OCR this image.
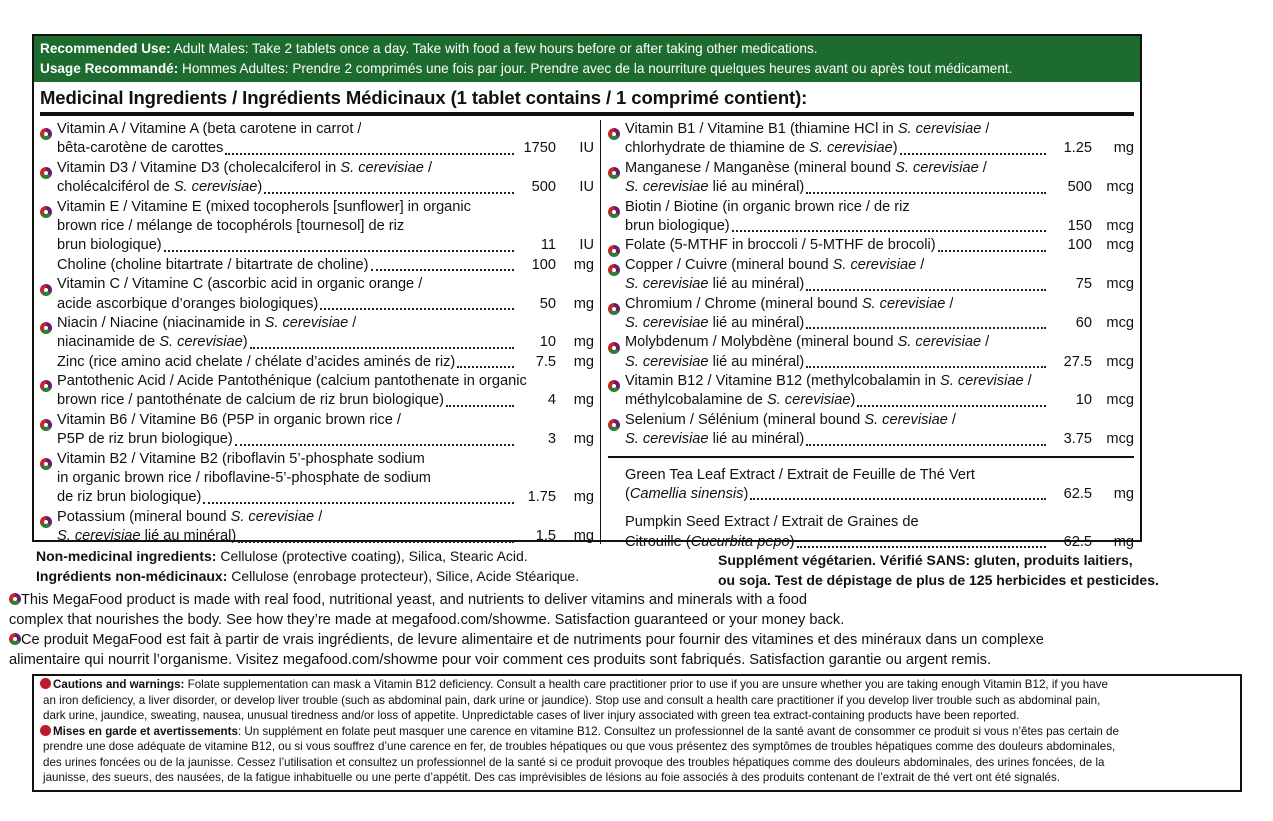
Recommended Use: Adult Males: Take 2 tablets once a day. Take with food a few hours before or after taking other medications.
Usage Recommandé: Hommes Adultes: Prendre 2 comprimés une fois par jour. Prendre avec de la nourriture quelques heures avant ou après tout médicament.
Medicinal Ingredients / Ingrédients Médicinaux (1 tablet contains / 1 comprimé contient):
Vitamin A / Vitamine A (beta carotene in carrot /
bêta-carotène de carottes	1750	IU
Vitamin D3 / Vitamine D3 (cholecalciferol in S. cerevisiae /
cholécalciférol de S. cerevisiae)	500	IU
Vitamin E / Vitamine E (mixed tocopherols [sunflower] in organic
brown rice / mélange de tocophérols [tournesol] de riz
brun biologique)	11	IU
Choline (choline bitartrate / bitartrate de choline)	100	mg
Vitamin C / Vitamine C (ascorbic acid in organic orange /
acide ascorbique d’oranges biologiques)	50	mg
Niacin / Niacine (niacinamide in S. cerevisiae /
niacinamide de S. cerevisiae)	10	mg
Zinc (rice amino acid chelate / chélate d’acides aminés de riz)	7.5	mg
Pantothenic Acid / Acide Pantothénique (calcium pantothenate in organic
brown rice / pantothénate de calcium de riz brun biologique)	4	mg
Vitamin B6 / Vitamine B6 (P5P in organic brown rice /
P5P de riz brun biologique)	3	mg
Vitamin B2 / Vitamine B2 (riboflavin 5’-phosphate sodium
in organic brown rice / riboflavine-5’-phosphate de sodium
de riz brun biologique)	1.75	mg
Potassium (mineral bound S. cerevisiae /
S. cerevisiae lié au minéral)	1.5	mg
Vitamin B1 / Vitamine B1 (thiamine HCl in S. cerevisiae /
chlorhydrate de thiamine de S. cerevisiae)	1.25	mg
Manganese / Manganèse (mineral bound S. cerevisiae /
S. cerevisiae lié au minéral)	500 mcg
Biotin / Biotine (in organic brown rice / de riz
brun biologique)	150 mcg
Folate (5-MTHF in broccoli / 5-MTHF de brocoli)	100 mcg
Copper / Cuivre (mineral bound S. cerevisiae /
S. cerevisiae lié au minéral)	75 mcg
Chromium / Chrome (mineral bound S. cerevisiae /
S. cerevisiae lié au minéral)	60 mcg
Molybdenum / Molybdène (mineral bound S. cerevisiae /
S. cerevisiae lié au minéral)	27.5 mcg
Vitamin B12 / Vitamine B12 (methylcobalamin in S. cerevisiae /
méthylcobalamine de S. cerevisiae)	10 mcg
Selenium / Sélénium (mineral bound S. cerevisiae /
S. cerevisiae lié au minéral)	3.75 mcg
Green Tea Leaf Extract / Extrait de Feuille de Thé Vert
(Camellia sinensis)	62.5	mg
Pumpkin Seed Extract / Extrait de Graines de
Citrouille (Cucurbita pepo)	62.5	mg
Non-medicinal ingredients: Cellulose (protective coating), Silica, Stearic Acid.
Ingrédients non-médicinaux: Cellulose (enrobage protecteur), Silice, Acide Stéarique.
Supplément végétarien. Vérifié SANS: gluten, produits laitiers,
ou soja. Test de dépistage de plus de 125 herbicides et pesticides.
This MegaFood product is made with real food, nutritional yeast, and nutrients to deliver vitamins and minerals with a food
complex that nourishes the body. See how they’re made at megafood.com/showme. Satisfaction guaranteed or your money back.
Ce produit MegaFood est fait à partir de vrais ingrédients, de levure alimentaire et de nutriments pour fournir des vitamines et des minéraux dans un complexe
alimentaire qui nourrit l’organisme. Visitez megafood.com/showme pour voir comment ces produits sont fabriqués. Satisfaction garantie ou argent remis.
Cautions and warnings: Folate supplementation can mask a Vitamin B12 deficiency. Consult a health care practitioner prior to use if you are unsure whether you are taking enough Vitamin B12, if you have
an iron deficiency, a liver disorder, or develop liver trouble (such as abdominal pain, dark urine or jaundice). Stop use and consult a health care practitioner if you develop liver trouble such as abdominal pain,
dark urine, jaundice, sweating, nausea, unusual tiredness and/or loss of appetite. Unpredictable cases of liver injury associated with green tea extract-containing products have been reported.
Mises en garde et avertissements: Un supplément en folate peut masquer une carence en vitamine B12. Consultez un professionnel de la santé avant de consommer ce produit si vous n’êtes pas certain de
prendre une dose adéquate de vitamine B12, ou si vous souffrez d’une carence en fer, de troubles hépatiques ou que vous présentez des symptômes de troubles hépatiques comme des douleurs abdominales,
des urines foncées ou de la jaunisse. Cessez l’utilisation et consultez un professionnel de la santé si ce produit provoque des troubles hépatiques comme des douleurs abdominales, des urines foncées, de la
jaunisse, des sueurs, des nausées, de la fatigue inhabituelle ou une perte d’appétit. Des cas imprévisibles de lésions au foie associés à des produits contenant de l’extrait de thé vert ont été signalés.
